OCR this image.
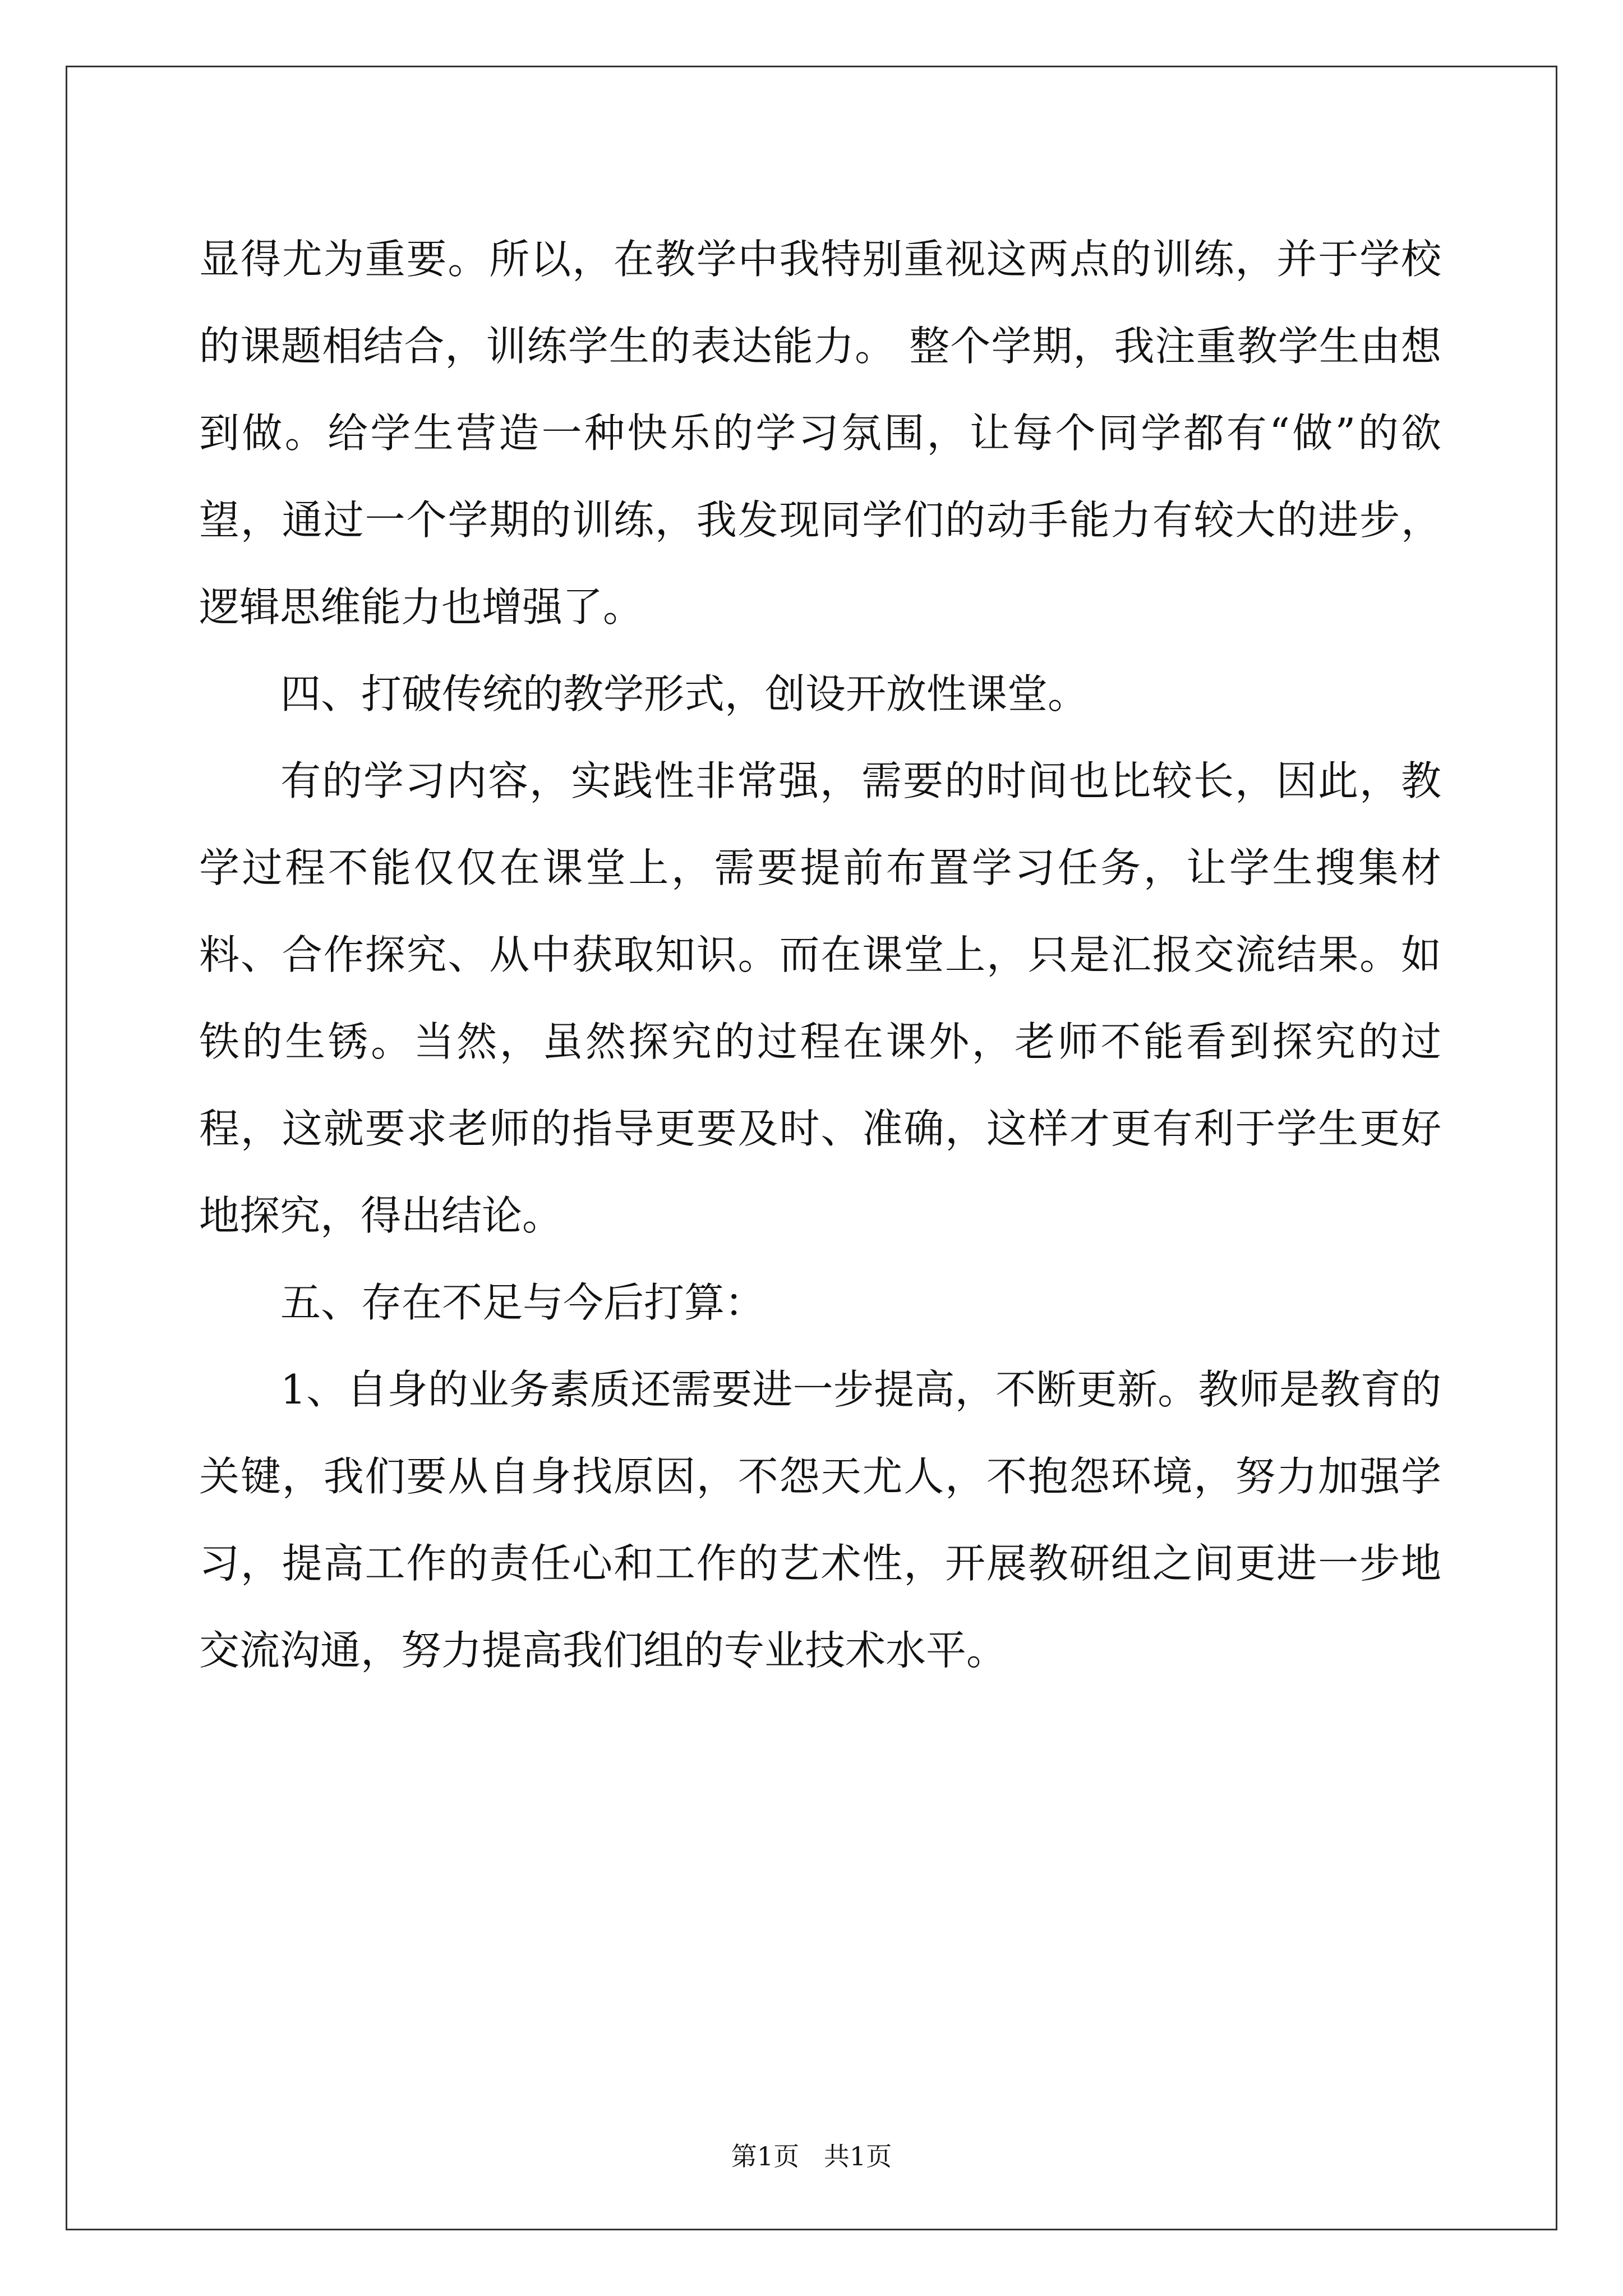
显得尤为重要。所以，在教学中我特别重视这两点的训练，并于学校的课题相结合，训练学生的表达能力。 整个学期，我注重教学生由想到做。给学生营造一种快乐的学习氛围，让每个同学都有“做”的欲望，通过一个学期的训练，我发现同学们的动手能力有较大的进步，逻辑思维能力也增强了。

四、打破传统的教学形式，创设开放性课堂。

有的学习内容，实践性非常强，需要的时间也比较长，因此，教学过程不能仅仅在课堂上，需要提前布置学习任务，让学生搜集材料、合作探究、从中获取知识。而在课堂上，只是汇报交流结果。如铁的生锈。当然，虽然探究的过程在课外，老师不能看到探究的过程，这就要求老师的指导更要及时、准确，这样才更有利于学生更好地探究，得出结论。

五、存在不足与今后打算：

1、自身的业务素质还需要进一步提高，不断更新。教师是教育的关键，我们要从自身找原因，不怨天尤人，不抱怨环境，努力加强学习，提高工作的责任心和工作的艺术性，开展教研组之间更进一步地交流沟通，努力提高我们组的专业技术水平。

第1页   共1页
